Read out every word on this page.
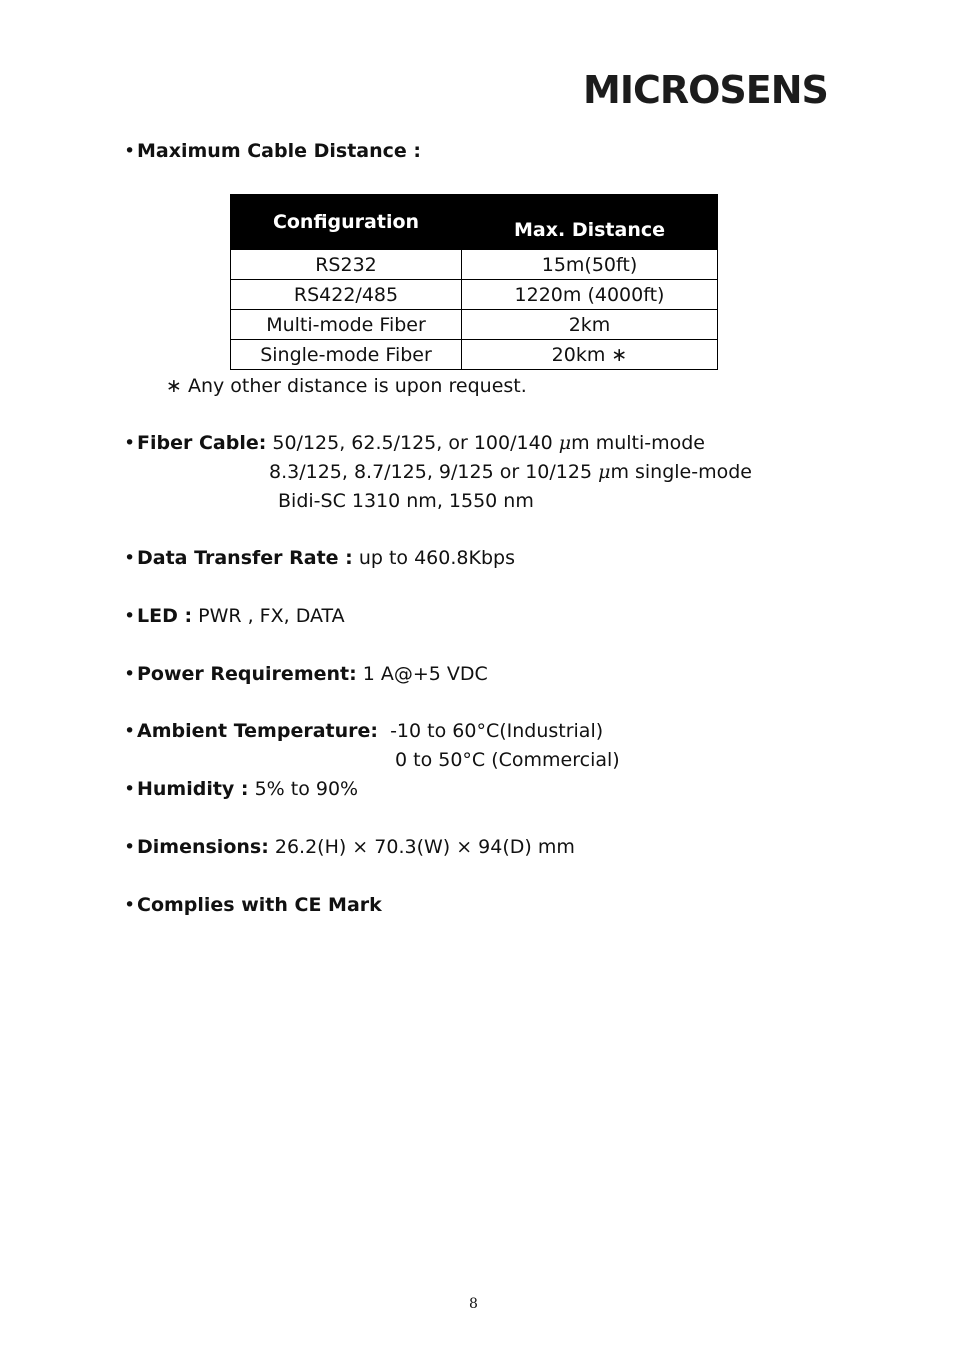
MICROSENS
•Maximum Cable Distance :
Configuration	Max. Distance
RS232	15m(50ft)
RS422/485	1220m (4000ft)
Multi-mode Fiber	2km
Single-mode Fiber	20km ∗
∗ Any other distance is upon request.
•Fiber Cable: 50/125, 62.5/125, or 100/140 μm multi-mode
8.3/125, 8.7/125, 9/125 or 10/125 μm single-mode
Bidi-SC 1310 nm, 1550 nm
•Data Transfer Rate : up to 460.8Kbps
•LED : PWR , FX, DATA
•Power Requirement: 1 A@+5 VDC
•Ambient Temperature:  -10 to 60°C(Industrial)
0 to 50°C (Commercial)
•Humidity : 5% to 90%
•Dimensions: 26.2(H) × 70.3(W) × 94(D) mm
•Complies with CE Mark
8
